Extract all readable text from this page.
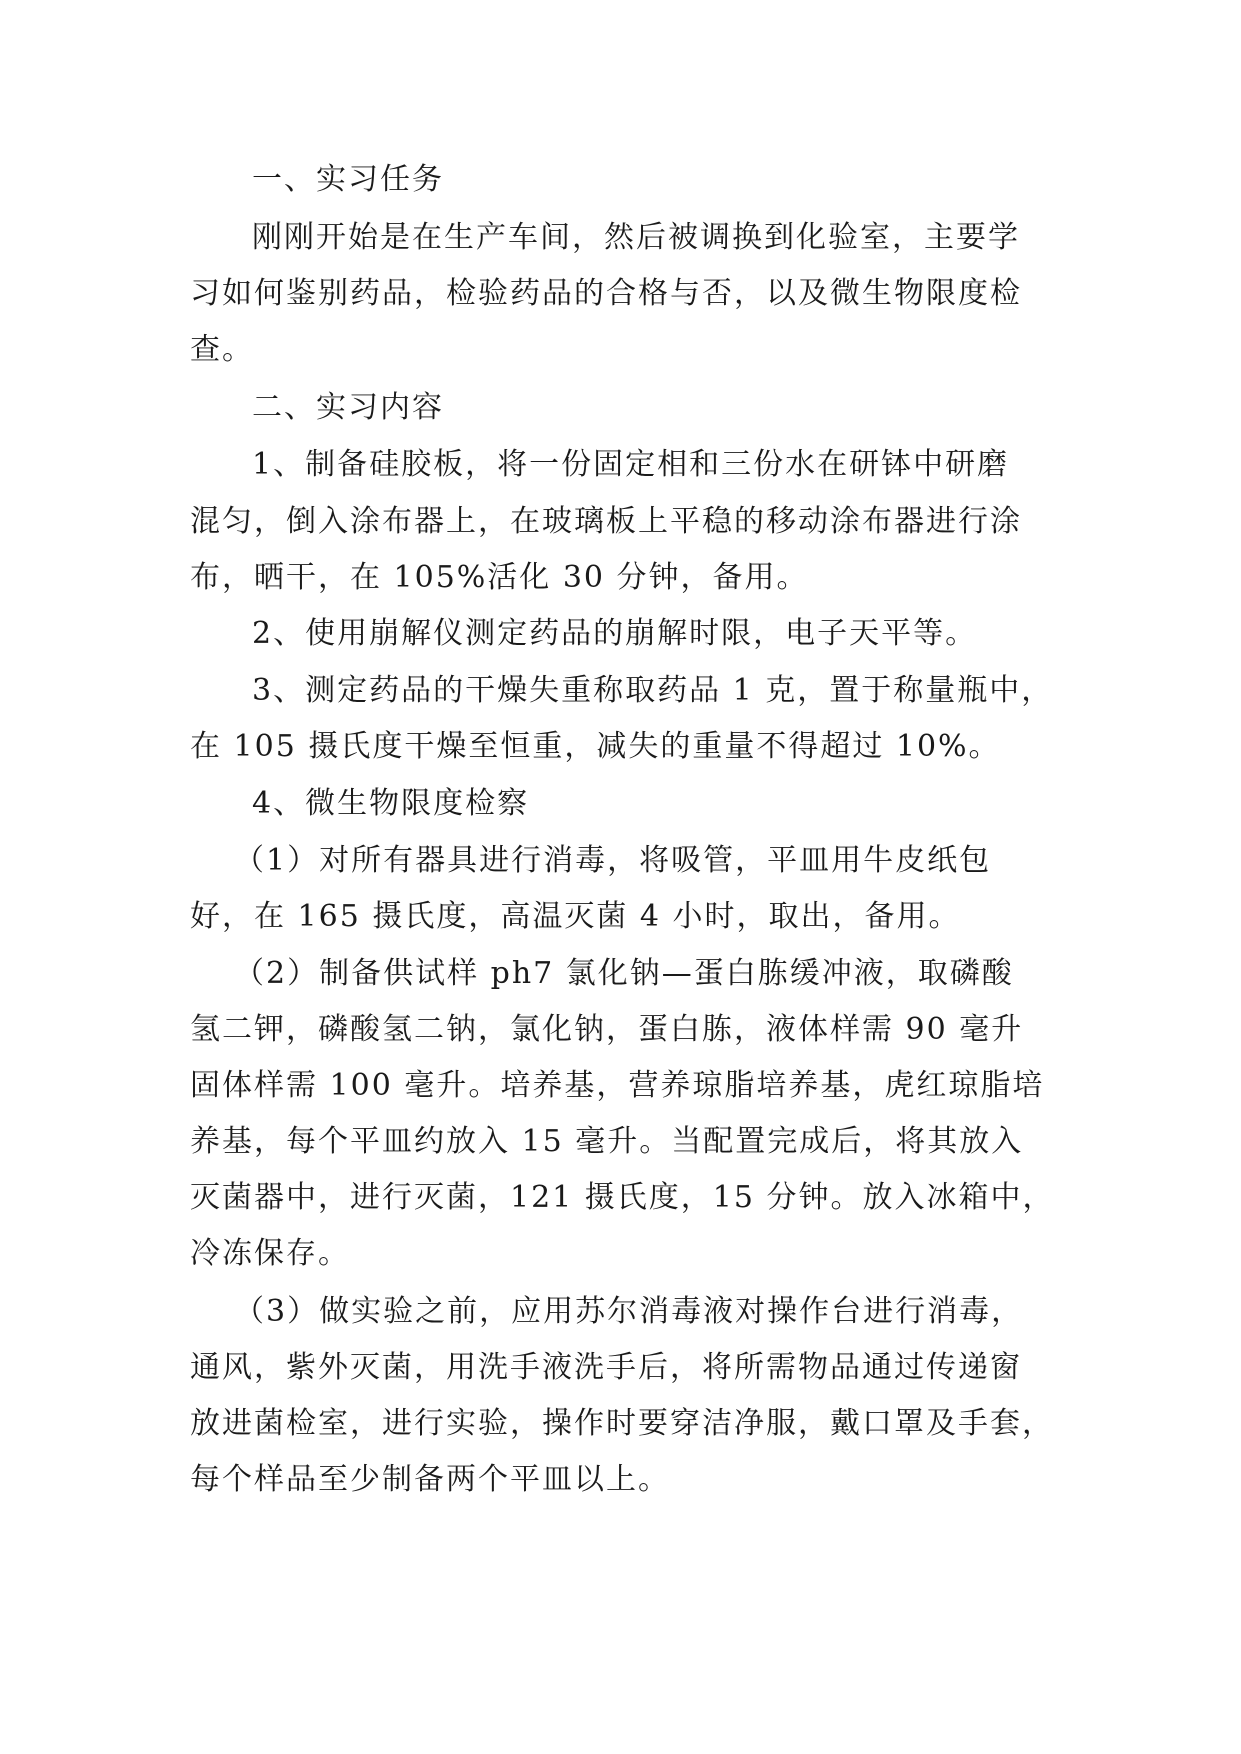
一、实习任务
刚刚开始是在生产车间，然后被调换到化验室，主要学
习如何鉴别药品，检验药品的合格与否，以及微生物限度检
查。
二、实习内容
1、制备硅胶板，将一份固定相和三份水在研钵中研磨
混匀，倒入涂布器上，在玻璃板上平稳的移动涂布器进行涂
布，晒干，在 105%活化 30 分钟，备用。
2、使用崩解仪测定药品的崩解时限，电子天平等。
3、测定药品的干燥失重称取药品 1 克，置于称量瓶中，
在 105 摄氏度干燥至恒重，减失的重量不得超过 10%。
4、微生物限度检察
（1）对所有器具进行消毒，将吸管，平皿用牛皮纸包
好，在 165 摄氏度，高温灭菌 4 小时，取出，备用。
（2）制备供试样 ph7 氯化钠—蛋白胨缓冲液，取磷酸
氢二钾，磷酸氢二钠，氯化钠，蛋白胨，液体样需 90 毫升
固体样需 100 毫升。培养基，营养琼脂培养基，虎红琼脂培
养基，每个平皿约放入 15 毫升。当配置完成后，将其放入
灭菌器中，进行灭菌，121 摄氏度，15 分钟。放入冰箱中，
冷冻保存。
（3）做实验之前，应用苏尔消毒液对操作台进行消毒，
通风，紫外灭菌，用洗手液洗手后，将所需物品通过传递窗
放进菌检室，进行实验，操作时要穿洁净服，戴口罩及手套，
每个样品至少制备两个平皿以上。
